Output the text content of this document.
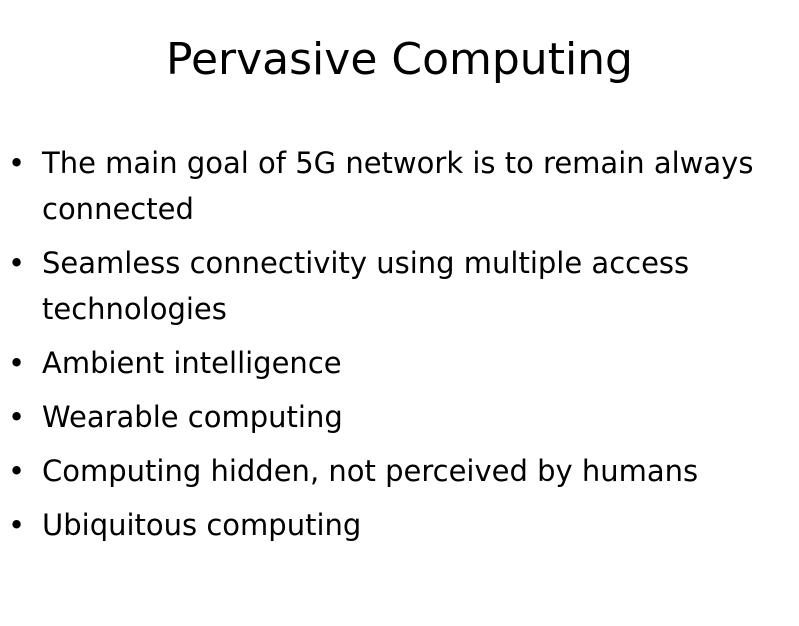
Pervasive Computing
• The main goal of 5G network is to remain always connected
• Seamless connectivity using multiple access technologies
• Ambient intelligence
• Wearable computing
• Computing hidden, not perceived by humans
• Ubiquitous computing
